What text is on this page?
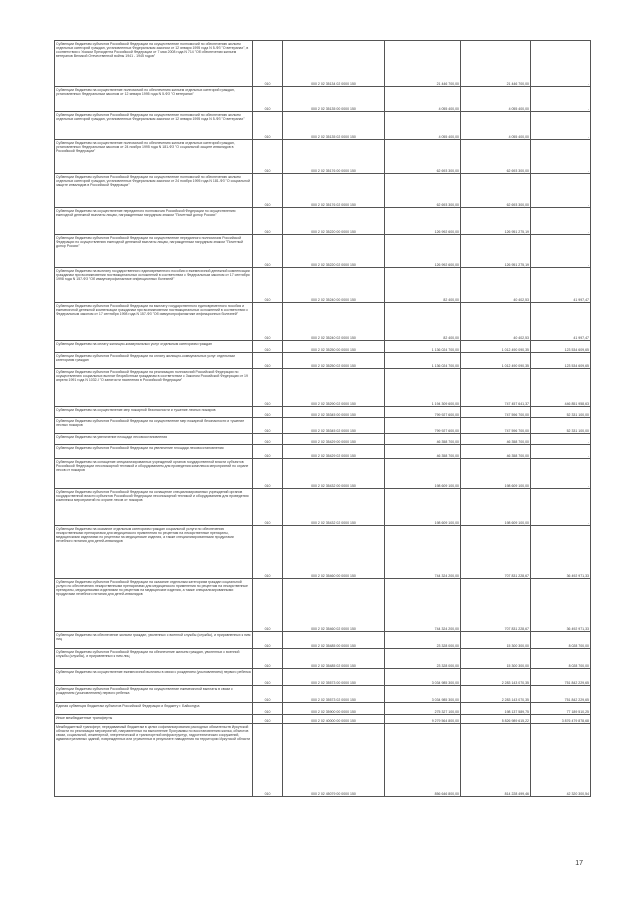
Субвенции бюджетам субъектов Российской Федерации на осуществление полномочий по обеспечению жильем отдельных категорий граждан, установленных Федеральным законом от 12 января 1995 года N 5-ФЗ "О ветеранах", в соответствии с Указом Президента Российской Федерации от 7 мая 2008 года N 714 "Об обеспечении жильем ветеранов Великой Отечественной войны 1941 - 1945 годов"	010	000 2 02 35134 02 0000 150	21 446 700,00	21 446 700,00	-
Субвенции бюджетам на осуществление полномочий по обеспечению жильем отдельных категорий граждан, установленных Федеральным законом от 12 января 1995 года N 5-ФЗ "О ветеранах"	010	000 2 02 35135 00 0000 150	4 055 400,00	4 055 400,00	-
Субвенции бюджетам субъектов Российской Федерации на осуществление полномочий по обеспечению жильем отдельных категорий граждан, установленных Федеральным законом от 12 января 1995 года N 5-ФЗ "О ветеранах"	010	000 2 02 35135 02 0000 150	4 055 400,00	4 055 400,00	-
Субвенции бюджетам на осуществление полномочий по обеспечению жильем отдельных категорий граждан, установленных Федеральным законом от 24 ноября 1995 года N 181-ФЗ "О социальной защите инвалидов в Российской Федерации"	010	000 2 02 35176 00 0000 150	62 693 300,00	62 693 300,00	-
Субвенции бюджетам субъектов Российской Федерации на осуществление полномочий по обеспечению жильем отдельных категорий граждан, установленных Федеральным законом от 24 ноября 1995 года N 181-ФЗ "О социальной защите инвалидов в Российской Федерации"	010	000 2 02 35176 02 0000 150	62 693 300,00	62 693 300,00	-
Субвенции бюджетам на осуществление переданного полномочия Российской Федерации по осуществлению ежегодной денежной выплаты лицам, награжденным нагрудным знаком "Почетный донор России"	010	000 2 02 35220 00 0000 150	126 992 600,00	126 951 275,19	-
Субвенции бюджетам субъектов Российской Федерации на осуществление переданного полномочия Российской Федерации по осуществлению ежегодной денежной выплаты лицам, награжденным нагрудным знаком "Почетный донор России"	010	000 2 02 35220 02 0000 150	126 992 600,00	126 951 275,19	-
Субвенции бюджетам на выплату государственного единовременного пособия и ежемесячной денежной компенсации гражданам при возникновении поствакцинальных осложнений в соответствии с Федеральным законом от 17 сентября 1998 года N 157-ФЗ "Об иммунопрофилактике инфекционных болезней"	010	000 2 02 35240 00 0000 150	82 400,00	40 402,53	41 997,47
Субвенции бюджетам субъектов Российской Федерации на выплату государственного единовременного пособия и ежемесячной денежной компенсации гражданам при возникновении поствакцинальных осложнений в соответствии с Федеральным законом от 17 сентября 1998 года N 157-ФЗ "Об иммунопрофилактике инфекционных болезней"	010	000 2 02 35240 02 0000 150	82 400,00	40 402,53	41 997,47
Субвенции бюджетам на оплату жилищно-коммунальных услуг отдельным категориям граждан	010	000 2 02 35250 00 0000 150	1 136 024 700,00	1 012 490 090,35	123 534 609,65
Субвенции бюджетам субъектов Российской Федерации на оплату жилищно-коммунальных услуг отдельным категориям граждан	010	000 2 02 35250 02 0000 150	1 136 024 700,00	1 012 490 090,35	123 534 609,65
Субвенции бюджетам субъектов Российской Федерации на реализацию полномочий Российской Федерации по осуществлению социальных выплат безработным гражданам в соответствии с Законом Российской Федерации от 19 апреля 1991 года N 1032-I "О занятости населения в Российской Федерации"	010	000 2 02 35290 02 0000 150	1 194 309 600,00	747 457 641,37	446 851 958,63
Субвенции бюджетам на осуществление мер пожарной безопасности и тушение лесных пожаров	010	000 2 02 35345 00 0000 150	799 927 600,00	747 596 700,00	52 331 100,00
Субвенции бюджетам субъектов Российской Федерации на осуществление мер пожарной безопасности и тушение лесных пожаров	010	000 2 02 35345 02 0000 150	799 927 600,00	747 596 700,00	52 331 100,00
Субвенции бюджетам на увеличение площади лесовосстановления	010	000 2 02 35429 00 0000 150	46 358 700,00	46 358 700,00	-
Субвенции бюджетам субъектов Российской Федерации на увеличение площади лесовосстановления	010	000 2 02 35429 02 0000 150	46 358 700,00	46 358 700,00	-
Субвенции бюджетам на оснащение специализированных учреждений органов государственной власти субъектов Российской Федерации лесопожарной техникой и оборудованием для проведения комплекса мероприятий по охране лесов от пожаров	010	000 2 02 35432 00 0000 150	198 609 100,00	198 609 100,00	-
Субвенции бюджетам субъектов Российской Федерации на оснащение специализированных учреждений органов государственной власти субъектов Российской Федерации лесопожарной техникой и оборудованием для проведения комплекса мероприятий по охране лесов от пожаров	010	000 2 02 35432 02 0000 150	198 609 100,00	198 609 100,00	-
Субвенции бюджетам на оказание отдельным категориям граждан социальной услуги по обеспечению лекарственными препаратами для медицинского применения по рецептам на лекарственные препараты, медицинскими изделиями по рецептам на медицинские изделия, а также специализированными продуктами лечебного питания для детей-инвалидов	010	000 2 02 35460 00 0000 150	744 324 200,00	707 831 228,67	36 492 971,33
Субвенции бюджетам субъектов Российской Федерации на оказание отдельным категориям граждан социальной услуги по обеспечению лекарственными препаратами для медицинского применения по рецептам на лекарственные препараты, медицинскими изделиями по рецептам на медицинские изделия, а также специализированными продуктами лечебного питания для детей-инвалидов	010	000 2 02 35460 02 0000 150	744 324 200,00	707 831 228,67	36 492 971,33
Субвенции бюджетам на обеспечение жильем граждан, уволенных с военной службы (службы), и приравненных к ним лиц	010	000 2 02 35485 00 0000 150	23 328 000,00	15 300 300,00	8 028 700,00
Субвенции бюджетам субъектов Российской Федерации на обеспечение жильем граждан, уволенных с военной службы (службы), и приравненных к ним лиц	010	000 2 02 35485 02 0000 150	23 328 000,00	15 300 300,00	8 028 700,00
Субвенции бюджетам на осуществление ежемесячной выплаты в связи с рождением (усыновлением) первого ребенка	010	000 2 02 35573 00 0000 150	3 034 985 300,00	2 283 143 070,35	751 842 229,65
Субвенции бюджетам субъектов Российской Федерации на осуществление ежемесячной выплаты в связи с рождением (усыновлением) первого ребенка	010	000 2 02 35573 02 0000 150	3 034 985 300,00	2 283 143 070,35	751 842 229,65
Единая субвенция бюджетам субъектов Российской Федерации и бюджету г. Байконура	010	000 2 02 35900 00 0000 150	275 327 100,00	198 137 589,75	77 189 510,25
Иные межбюджетные трансферты	010	000 2 02 40000 00 0000 150	9 279 564 800,00	5 826 989 615,22	3 876 479 878,68
Межбюджетный трансферт, передаваемый бюджетам в целях софинансирования расходных обязательств Иркутской области по реализации мероприятий, направленных на выполнение Программы по восстановлению жилья, объектов связи, социальной, инженерной, энергетической и транспортной инфраструктур, гидротехнических сооружений, административных зданий, поврежденных или утраченных в результате наводнения на территории Иркутской области	010	000 2 02 45079 00 0000 150	856 646 800,00	814 228 499,46	42 320 300,54
17
